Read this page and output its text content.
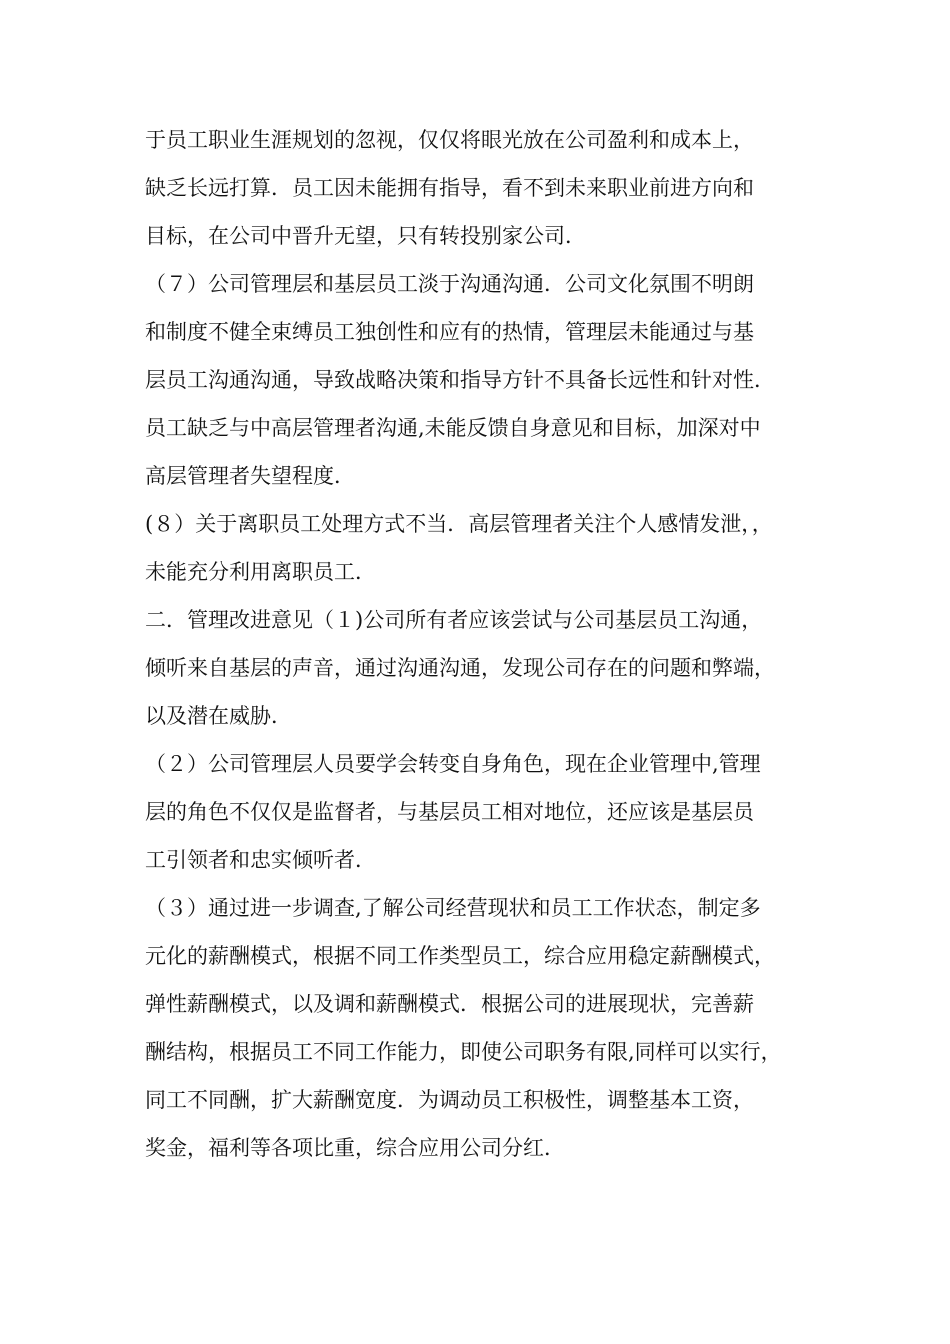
于员工职业生涯规划的忽视，仅仅将眼光放在公司盈利和成本上，
缺乏长远打算．员工因未能拥有指导，看不到未来职业前进方向和
目标，在公司中晋升无望，只有转投别家公司．
（７）公司管理层和基层员工淡于沟通沟通．公司文化氛围不明朗
和制度不健全束缚员工独创性和应有的热情，管理层未能通过与基
层员工沟通沟通，导致战略决策和指导方针不具备长远性和针对性．
员工缺乏与中高层管理者沟通,未能反馈自身意见和目标，加深对中
高层管理者失望程度．
(８）关于离职员工处理方式不当．高层管理者关注个人感情发泄，，
未能充分利用离职员工．
二．管理改进意见（１)公司所有者应该尝试与公司基层员工沟通，
倾听来自基层的声音，通过沟通沟通，发现公司存在的问题和弊端，
以及潜在威胁．
（２）公司管理层人员要学会转变自身角色，现在企业管理中,管理
层的角色不仅仅是监督者，与基层员工相对地位，还应该是基层员
工引领者和忠实倾听者．
（３）通过进一步调查,了解公司经营现状和员工工作状态，制定多
元化的薪酬模式，根据不同工作类型员工，综合应用稳定薪酬模式，
弹性薪酬模式，以及调和薪酬模式．根据公司的进展现状，完善薪
酬结构，根据员工不同工作能力，即使公司职务有限,同样可以实行，
同工不同酬，扩大薪酬宽度．为调动员工积极性，调整基本工资，
奖金，福利等各项比重，综合应用公司分红．
